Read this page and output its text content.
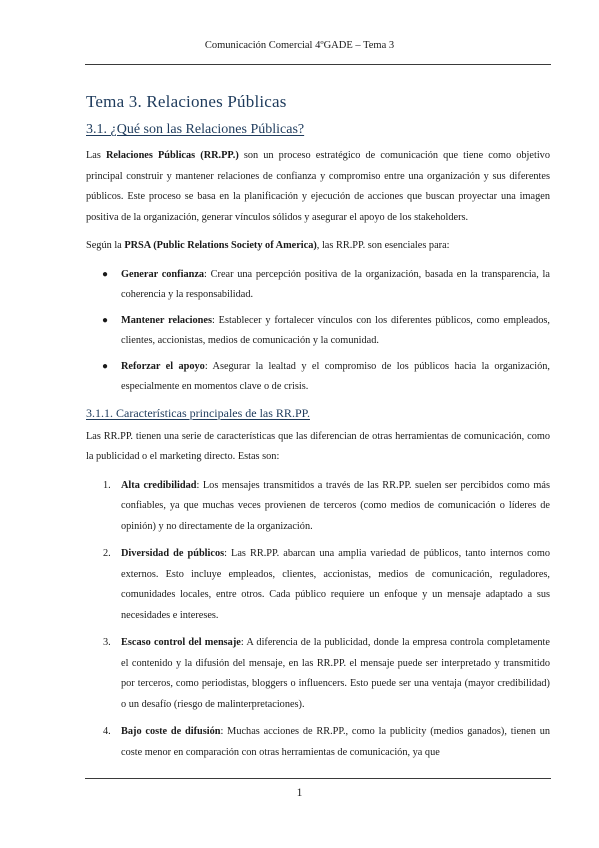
Comunicación Comercial 4ºGADE – Tema 3
Tema 3. Relaciones Públicas
3.1. ¿Qué son las Relaciones Públicas?

Las Relaciones Públicas (RR.PP.) son un proceso estratégico de comunicación que tiene como objetivo principal construir y mantener relaciones de confianza y compromiso entre una organización y sus diferentes públicos. Este proceso se basa en la planificación y ejecución de acciones que buscan proyectar una imagen positiva de la organización, generar vínculos sólidos y asegurar el apoyo de los stakeholders.

Según la PRSA (Public Relations Society of America), las RR.PP. son esenciales para:

● Generar confianza: Crear una percepción positiva de la organización, basada en la transparencia, la coherencia y la responsabilidad.
● Mantener relaciones: Establecer y fortalecer vínculos con los diferentes públicos, como empleados, clientes, accionistas, medios de comunicación y la comunidad.
● Reforzar el apoyo: Asegurar la lealtad y el compromiso de los públicos hacia la organización, especialmente en momentos clave o de crisis.
3.1.1. Características principales de las RR.PP.

Las RR.PP. tienen una serie de características que las diferencian de otras herramientas de comunicación, como la publicidad o el marketing directo. Estas son:

1. Alta credibilidad: Los mensajes transmitidos a través de las RR.PP. suelen ser percibidos como más confiables, ya que muchas veces provienen de terceros (como medios de comunicación o líderes de opinión) y no directamente de la organización.
2. Diversidad de públicos: Las RR.PP. abarcan una amplia variedad de públicos, tanto internos como externos. Esto incluye empleados, clientes, accionistas, medios de comunicación, reguladores, comunidades locales, entre otros. Cada público requiere un enfoque y un mensaje adaptado a sus necesidades e intereses.
3. Escaso control del mensaje: A diferencia de la publicidad, donde la empresa controla completamente el contenido y la difusión del mensaje, en las RR.PP. el mensaje puede ser interpretado y transmitido por terceros, como periodistas, bloggers o influencers. Esto puede ser una ventaja (mayor credibilidad) o un desafío (riesgo de malinterpretaciones).
4. Bajo coste de difusión: Muchas acciones de RR.PP., como la publicity (medios ganados), tienen un coste menor en comparación con otras herramientas de comunicación, ya que
1
